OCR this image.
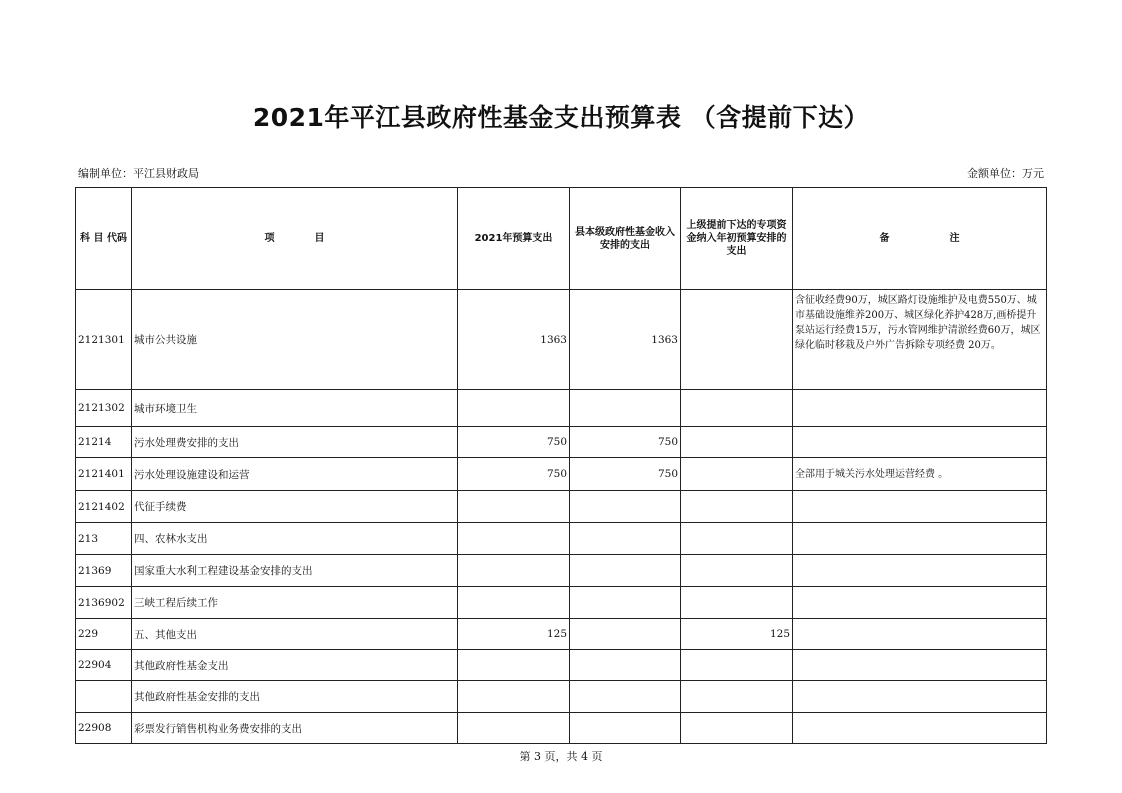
2021年平江县政府性基金支出预算表 （含提前下达）
编制单位：平江县财政局	金额单位：万元
科 目 代码	项　　　　目	2021年预算支出	县本级政府性基金收入安排的支出	上级提前下达的专项资金纳入年初预算安排的支出	备　　　　　　注
2121301	城市公共设施	1363	1363		含征收经费90万，城区路灯设施维护及电费550万、城市基础设施维养200万、城区绿化养护428万,画桥提升泵站运行经费15万，污水管网维护清淤经费60万，城区绿化临时移栽及户外广告拆除专项经费 20万。
2121302	城市环境卫生				
21214	污水处理费安排的支出	750	750		
2121401	污水处理设施建设和运营	750	750		全部用于城关污水处理运营经费 。
2121402	代征手续费				
213	四、农林水支出				
21369	国家重大水利工程建设基金安排的支出				
2136902	三峡工程后续工作				
229	五、其他支出	125		125	
22904	其他政府性基金支出				
	其他政府性基金安排的支出				
22908	彩票发行销售机构业务费安排的支出				
第 3 页，共 4 页
